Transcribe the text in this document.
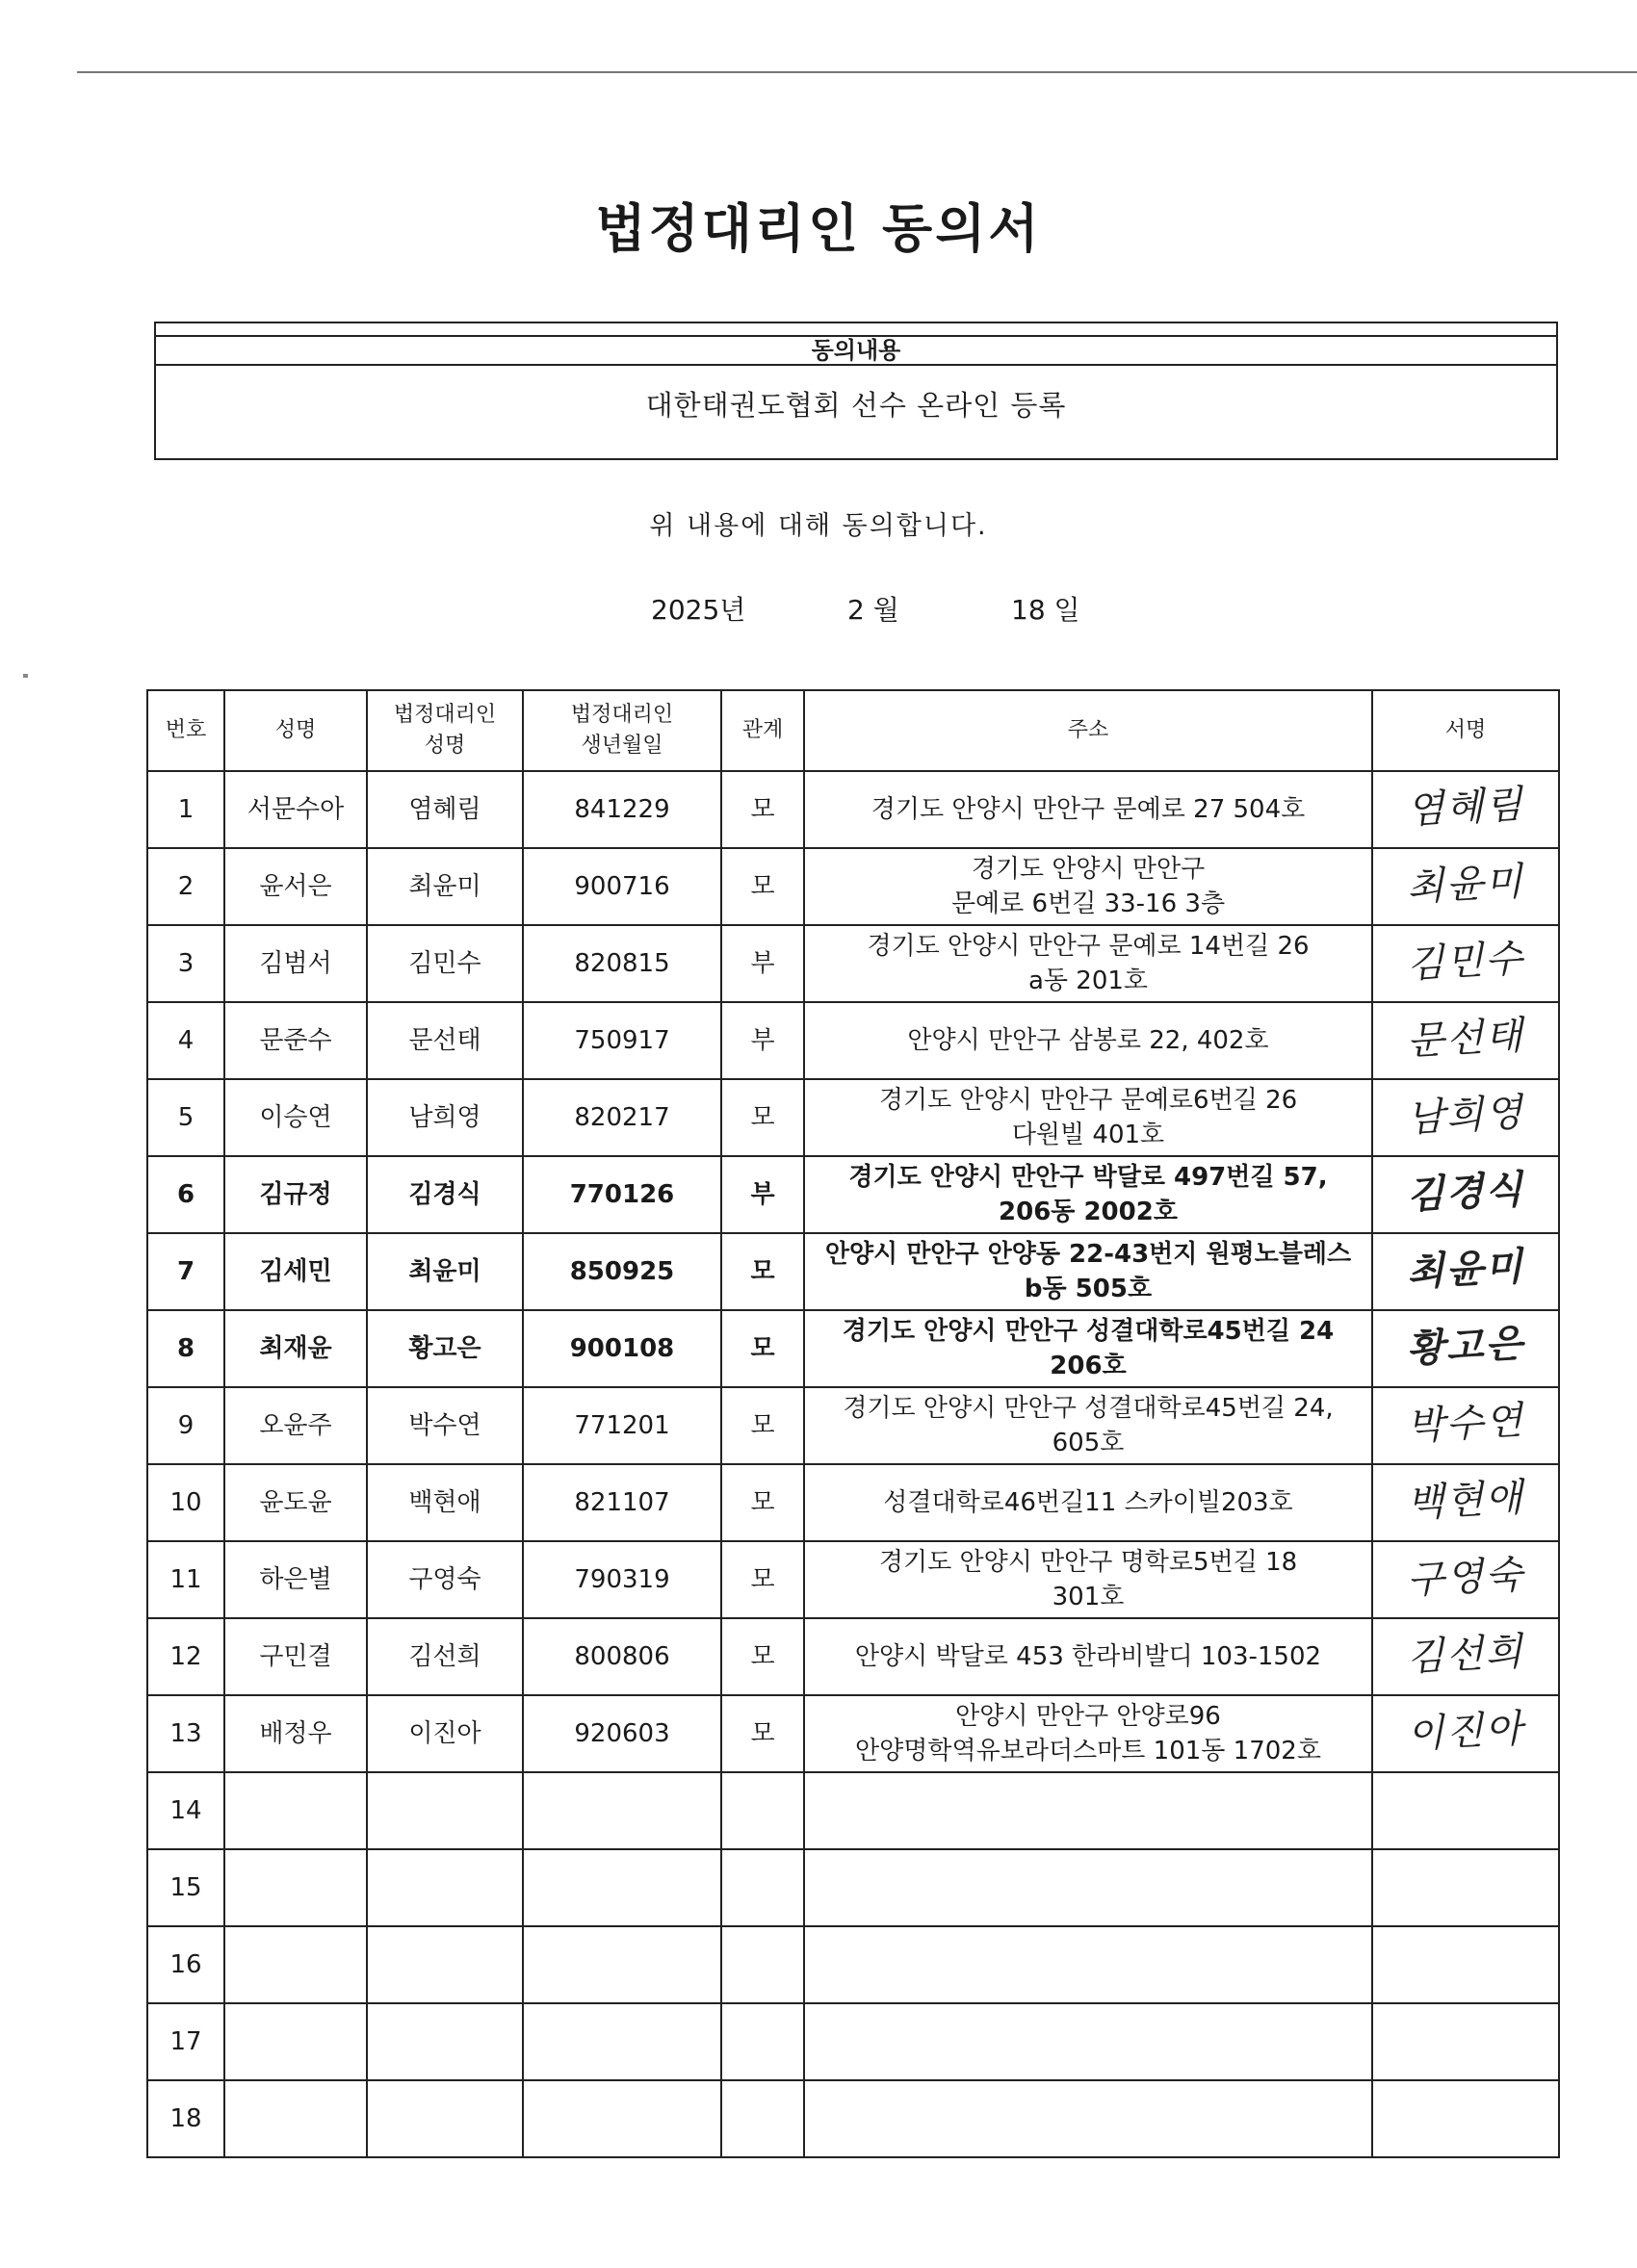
법정대리인 동의서
동의내용
대한태권도협회 선수 온라인 등록
위 내용에 대해 동의합니다.
2025년	2 월	18 일
번호	성명	법정대리인 성명	법정대리인 생년월일	관계	주소	서명
1	서문수아	염혜림	841229	모	경기도 안양시 만안구 문예로 27 504호	염혜림
2	윤서은	최윤미	900716	모	경기도 안양시 만안구
문예로 6번길 33-16 3층	최윤미
3	김범서	김민수	820815	부	경기도 안양시 만안구 문예로 14번길 26
a동 201호	김민수
4	문준수	문선태	750917	부	안양시 만안구 삼봉로 22, 402호	문선태
5	이승연	남희영	820217	모	경기도 안양시 만안구 문예로6번길 26
다원빌 401호	남희영
6	김규정	김경식	770126	부	경기도 안양시 만안구 박달로 497번길 57,
206동 2002호	김경식
7	김세민	최윤미	850925	모	안양시 만안구 안양동 22-43번지 원평노블레스
b동 505호	최윤미
8	최재윤	황고은	900108	모	경기도 안양시 만안구 성결대학로45번길 24
206호	황고은
9	오윤주	박수연	771201	모	경기도 안양시 만안구 성결대학로45번길 24,
605호	박수연
10	윤도윤	백현애	821107	모	성결대학로46번길11 스카이빌203호	백현애
11	하은별	구영숙	790319	모	경기도 안양시 만안구 명학로5번길 18
301호	구영숙
12	구민결	김선희	800806	모	안양시 박달로 453 한라비발디 103-1502	김선희
13	배정우	이진아	920603	모	안양시 만안구 안양로96
안양명학역유보라더스마트 101동 1702호	이진아
14						
15						
16						
17						
18						
